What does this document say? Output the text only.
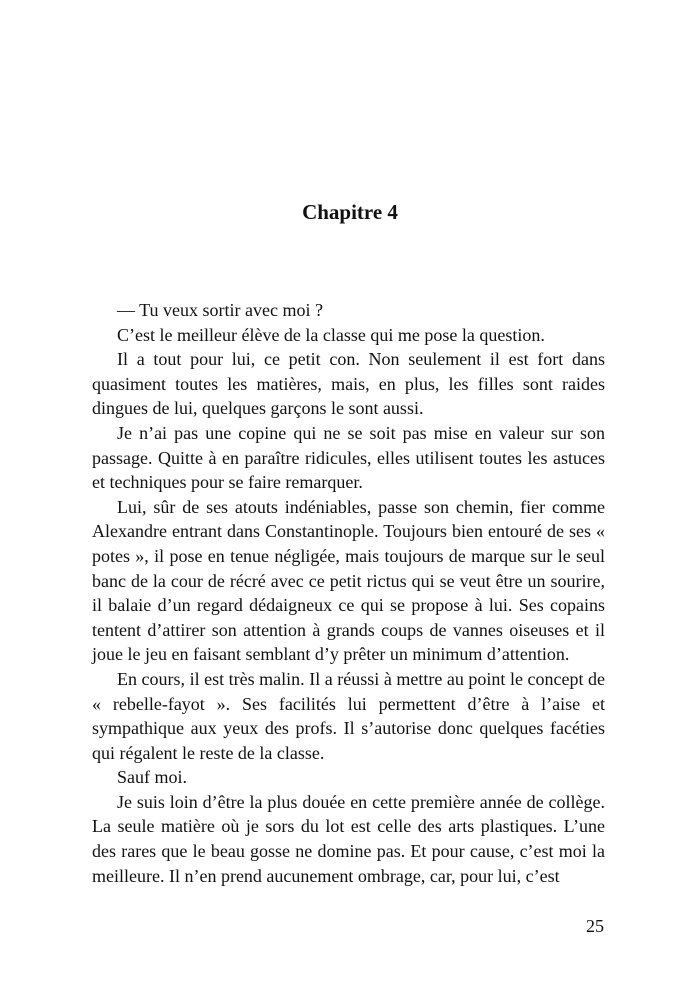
Chapitre 4

— Tu veux sortir avec moi ?

C’est le meilleur élève de la classe qui me pose la question.

Il a tout pour lui, ce petit con. Non seulement il est fort dans quasiment toutes les matières, mais, en plus, les filles sont raides dingues de lui, quelques garçons le sont aussi.

Je n’ai pas une copine qui ne se soit pas mise en valeur sur son passage. Quitte à en paraître ridicules, elles utilisent toutes les astuces et techniques pour se faire remarquer.

Lui, sûr de ses atouts indéniables, passe son chemin, fier comme Alexandre entrant dans Constantinople. Toujours bien entouré de ses « potes », il pose en tenue négligée, mais toujours de marque sur le seul banc de la cour de récré avec ce petit rictus qui se veut être un sourire, il balaie d’un regard dédaigneux ce qui se propose à lui. Ses copains tentent d’attirer son attention à grands coups de vannes oiseuses et il joue le jeu en faisant semblant d’y prêter un minimum d’attention.

En cours, il est très malin. Il a réussi à mettre au point le concept de « rebelle-fayot ». Ses facilités lui permettent d’être à l’aise et sympathique aux yeux des profs. Il s’autorise donc quelques facéties qui régalent le reste de la classe.

Sauf moi.

Je suis loin d’être la plus douée en cette première année de collège. La seule matière où je sors du lot est celle des arts plastiques. L’une des rares que le beau gosse ne domine pas. Et pour cause, c’est moi la meilleure. Il n’en prend aucunement ombrage, car, pour lui, c’est

25
